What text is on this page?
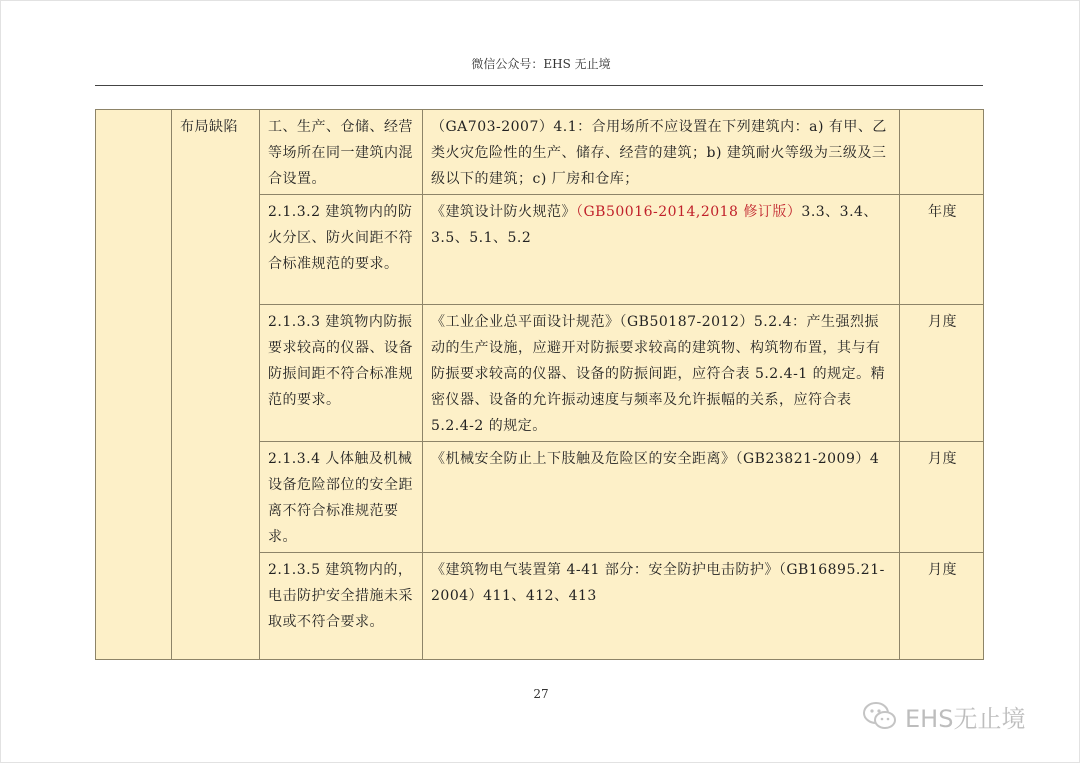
微信公众号：EHS 无止境
	布局缺陷	工、生产、仓储、经营等场所在同一建筑内混合设置。	（GA703-2007）4.1：合用场所不应设置在下列建筑内：a) 有甲、乙类火灾危险性的生产、储存、经营的建筑；b) 建筑耐火等级为三级及三级以下的建筑；c) 厂房和仓库；	
		2.1.3.2 建筑物内的防火分区、防火间距不符合标准规范的要求。	《建筑设计防火规范》（GB50016-2014,2018 修订版）3.3、3.4、3.5、5.1、5.2	年度
		2.1.3.3 建筑物内防振要求较高的仪器、设备防振间距不符合标准规范的要求。	《工业企业总平面设计规范》（GB50187-2012）5.2.4：产生强烈振动的生产设施，应避开对防振要求较高的建筑物、构筑物布置，其与有防振要求较高的仪器、设备的防振间距，应符合表 5.2.4-1 的规定。精密仪器、设备的允许振动速度与频率及允许振幅的关系，应符合表 5.2.4-2 的规定。	月度
		2.1.3.4 人体触及机械设备危险部位的安全距离不符合标准规范要求。	《机械安全防止上下肢触及危险区的安全距离》（GB23821-2009）4	月度
		2.1.3.5 建筑物内的，电击防护安全措施未采取或不符合要求。	《建筑物电气装置第 4-41 部分：安全防护电击防护》（GB16895.21-2004）411、412、413	月度
27
EHS无止境
